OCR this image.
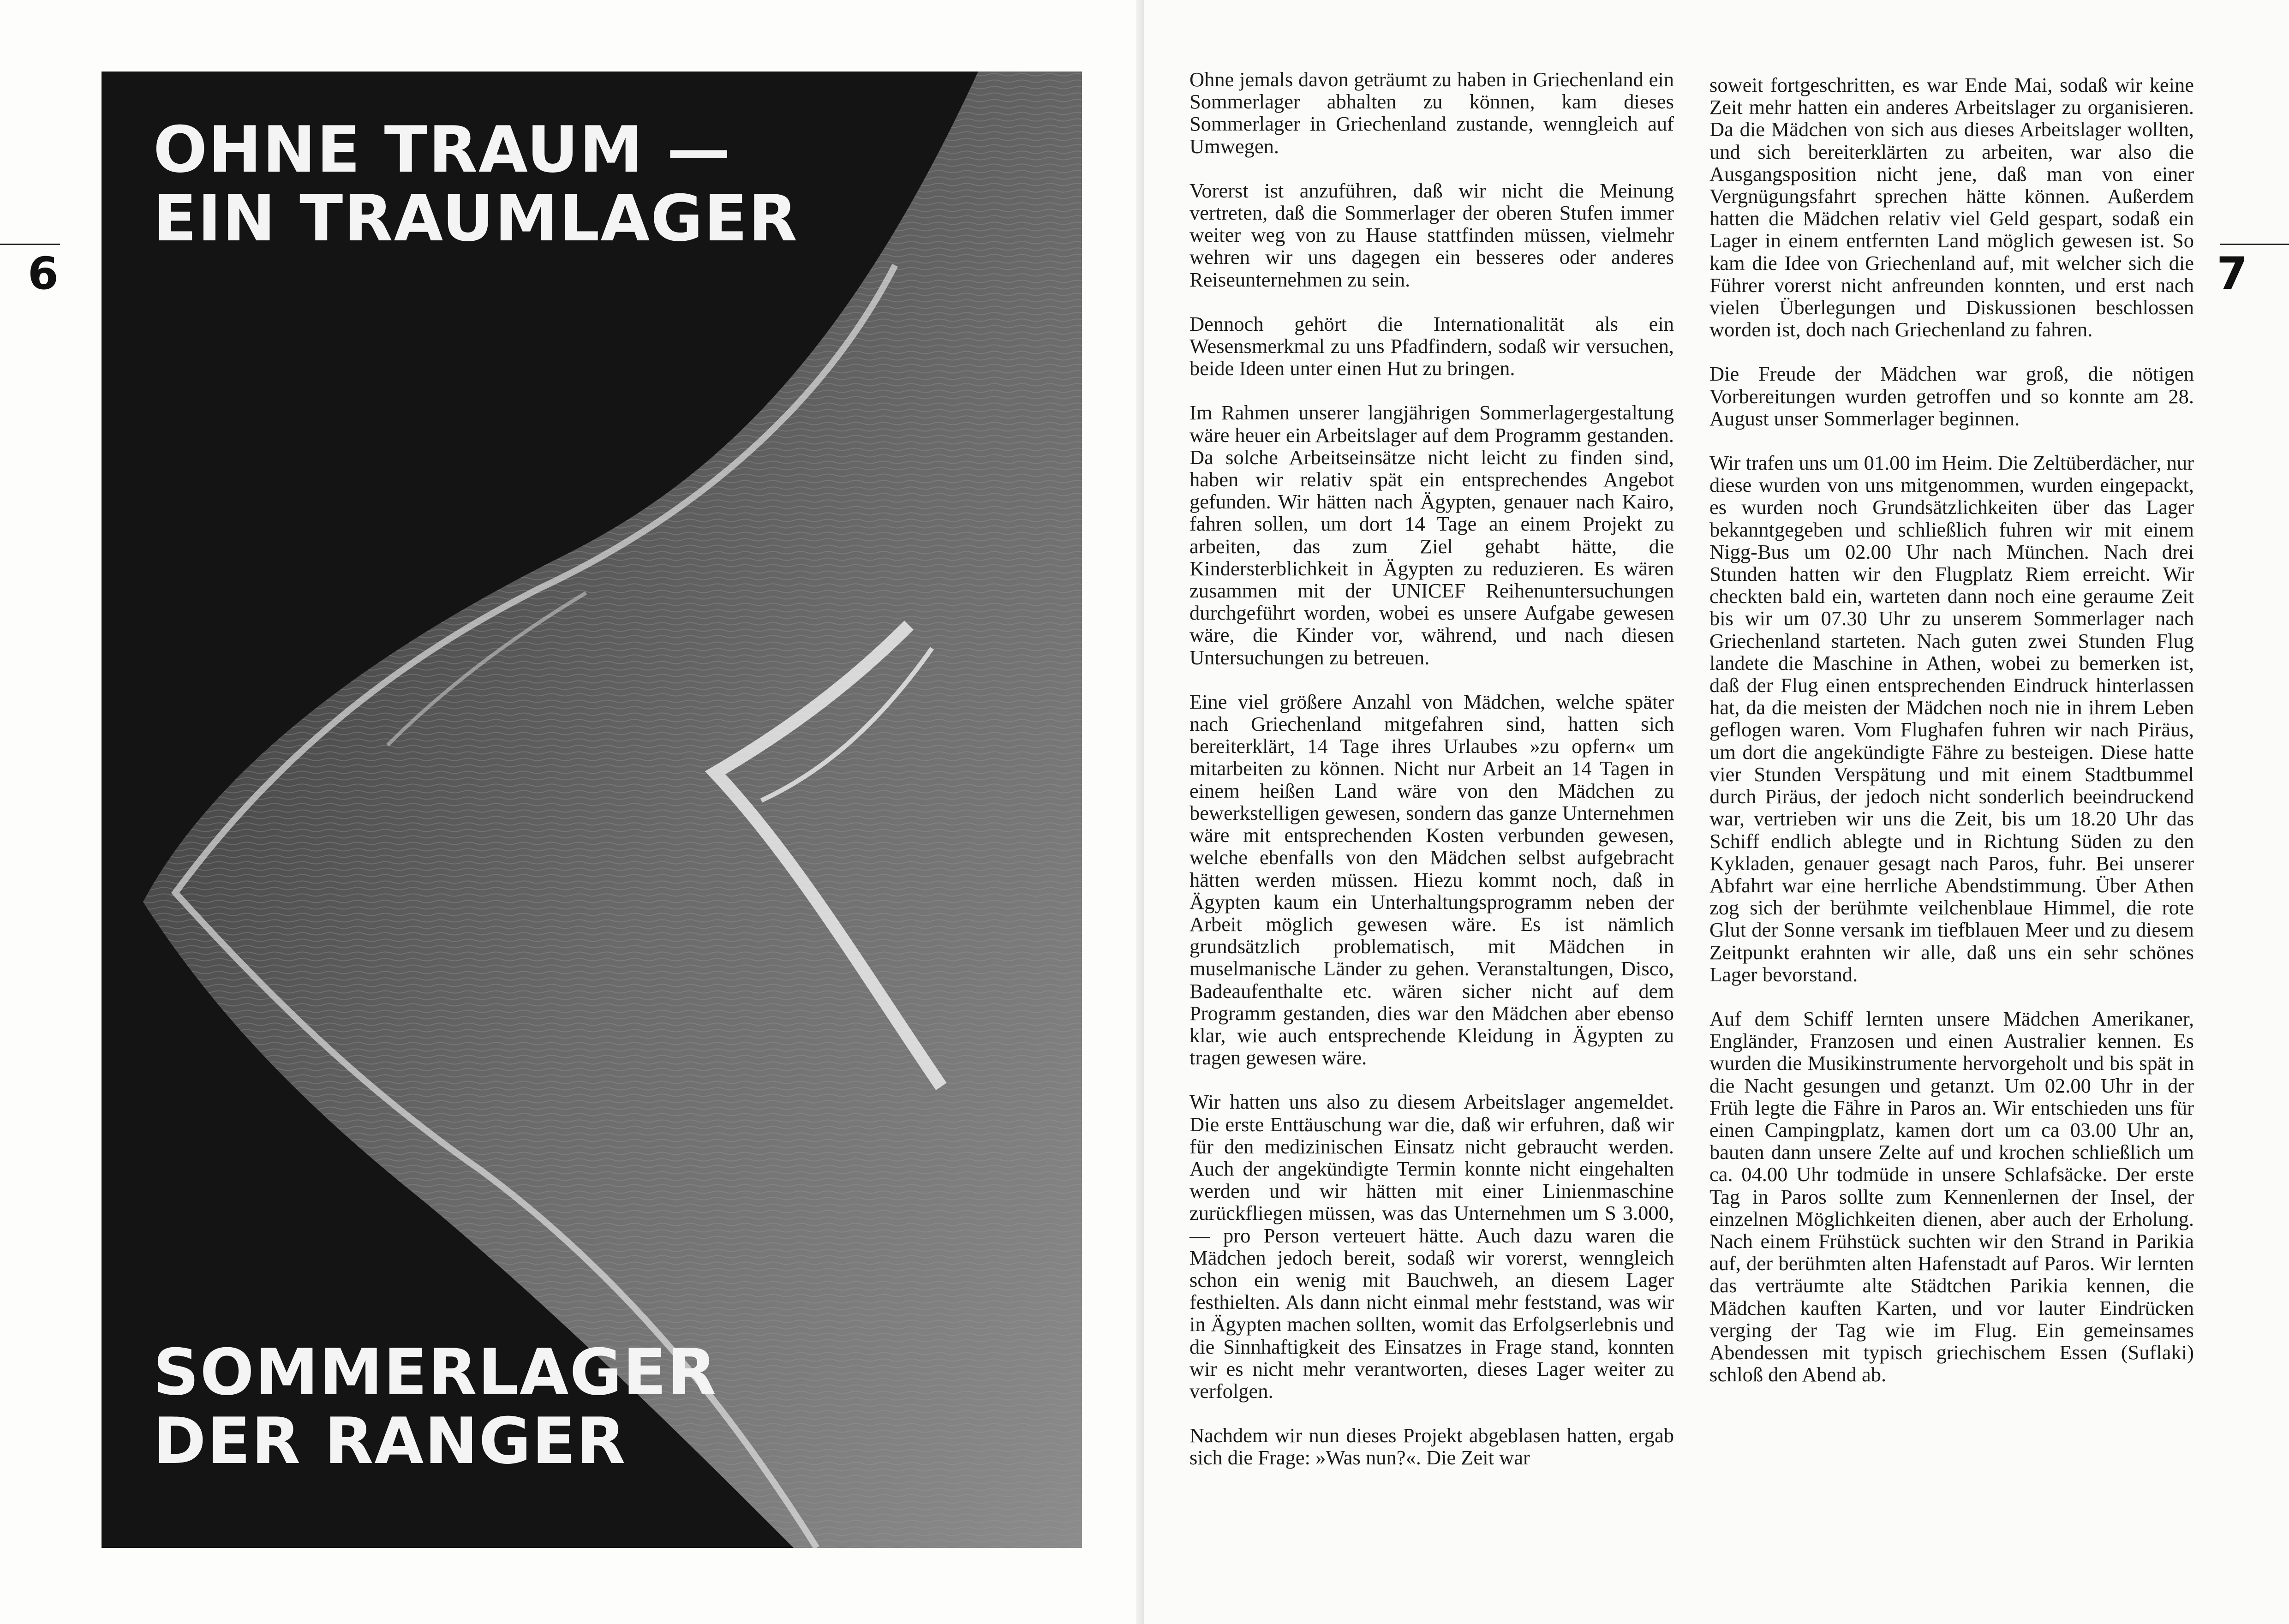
6
OHNE TRAUM —
EIN TRAUMLAGER
SOMMERLAGER
DER RANGER
7

Ohne jemals davon geträumt zu haben in Griechenland ein Sommerlager abhalten zu können, kam dieses Sommerlager in Griechenland zustande, wenngleich auf Umwegen.

Vorerst ist anzuführen, daß wir nicht die Meinung vertreten, daß die Sommerlager der oberen Stufen immer weiter weg von zu Hause stattfinden müssen, vielmehr wehren wir uns dagegen ein besseres oder anderes Reiseunternehmen zu sein.

Dennoch gehört die Internationalität als ein Wesensmerkmal zu uns Pfadfindern, sodaß wir versuchen, beide Ideen unter einen Hut zu bringen.

Im Rahmen unserer langjährigen Sommerlagergestaltung wäre heuer ein Arbeitslager auf dem Programm gestanden. Da solche Arbeitseinsätze nicht leicht zu finden sind, haben wir relativ spät ein entsprechendes Angebot gefunden. Wir hätten nach Ägypten, genauer nach Kairo, fahren sollen, um dort 14 Tage an einem Projekt zu arbeiten, das zum Ziel gehabt hätte, die Kindersterblichkeit in Ägypten zu reduzieren. Es wären zusammen mit der UNICEF Reihenuntersuchungen durchgeführt worden, wobei es unsere Aufgabe gewesen wäre, die Kinder vor, während, und nach diesen Untersuchungen zu betreuen.

Eine viel größere Anzahl von Mädchen, welche später nach Griechenland mitgefahren sind, hatten sich bereiterklärt, 14 Tage ihres Urlaubes »zu opfern« um mitarbeiten zu können. Nicht nur Arbeit an 14 Tagen in einem heißen Land wäre von den Mädchen zu bewerkstelligen gewesen, sondern das ganze Unternehmen wäre mit entsprechenden Kosten verbunden gewesen, welche ebenfalls von den Mädchen selbst aufgebracht hätten werden müssen. Hiezu kommt noch, daß in Ägypten kaum ein Unterhaltungsprogramm neben der Arbeit möglich gewesen wäre. Es ist nämlich grundsätzlich problematisch, mit Mädchen in muselmanische Länder zu gehen. Veranstaltungen, Disco, Badeaufenthalte etc. wären sicher nicht auf dem Programm gestanden, dies war den Mädchen aber ebenso klar, wie auch entsprechende Kleidung in Ägypten zu tragen gewesen wäre.

Wir hatten uns also zu diesem Arbeitslager angemeldet. Die erste Enttäuschung war die, daß wir erfuhren, daß wir für den medizinischen Einsatz nicht gebraucht werden. Auch der angekündigte Termin konnte nicht eingehalten werden und wir hätten mit einer Linienmaschine zurückfliegen müssen, was das Unternehmen um S 3.000,— pro Person verteuert hätte. Auch dazu waren die Mädchen jedoch bereit, sodaß wir vorerst, wenngleich schon ein wenig mit Bauchweh, an diesem Lager festhielten. Als dann nicht einmal mehr feststand, was wir in Ägypten machen sollten, womit das Erfolgserlebnis und die Sinnhaftigkeit des Einsatzes in Frage stand, konnten wir es nicht mehr verantworten, dieses Lager weiter zu verfolgen.

Nachdem wir nun dieses Projekt abgeblasen hatten, ergab sich die Frage: »Was nun?«. Die Zeit war

soweit fortgeschritten, es war Ende Mai, sodaß wir keine Zeit mehr hatten ein anderes Arbeitslager zu organisieren. Da die Mädchen von sich aus dieses Arbeitslager wollten, und sich bereiterklärten zu arbeiten, war also die Ausgangsposition nicht jene, daß man von einer Vergnügungsfahrt sprechen hätte können. Außerdem hatten die Mädchen relativ viel Geld gespart, sodaß ein Lager in einem entfernten Land möglich gewesen ist. So kam die Idee von Griechenland auf, mit welcher sich die Führer vorerst nicht anfreunden konnten, und erst nach vielen Überlegungen und Diskussionen beschlossen worden ist, doch nach Griechenland zu fahren.

Die Freude der Mädchen war groß, die nötigen Vorbereitungen wurden getroffen und so konnte am 28. August unser Sommerlager beginnen.

Wir trafen uns um 01.00 im Heim. Die Zeltüberdächer, nur diese wurden von uns mitgenommen, wurden eingepackt, es wurden noch Grundsätzlichkeiten über das Lager bekanntgegeben und schließlich fuhren wir mit einem Nigg-Bus um 02.00 Uhr nach München. Nach drei Stunden hatten wir den Flugplatz Riem erreicht. Wir checkten bald ein, warteten dann noch eine geraume Zeit bis wir um 07.30 Uhr zu unserem Sommerlager nach Griechenland starteten. Nach guten zwei Stunden Flug landete die Maschine in Athen, wobei zu bemerken ist, daß der Flug einen entsprechenden Eindruck hinterlassen hat, da die meisten der Mädchen noch nie in ihrem Leben geflogen waren. Vom Flughafen fuhren wir nach Piräus, um dort die angekündigte Fähre zu besteigen. Diese hatte vier Stunden Verspätung und mit einem Stadtbummel durch Piräus, der jedoch nicht sonderlich beeindruckend war, vertrieben wir uns die Zeit, bis um 18.20 Uhr das Schiff endlich ablegte und in Richtung Süden zu den Kykladen, genauer gesagt nach Paros, fuhr. Bei unserer Abfahrt war eine herrliche Abendstimmung. Über Athen zog sich der berühmte veilchenblaue Himmel, die rote Glut der Sonne versank im tiefblauen Meer und zu diesem Zeitpunkt erahnten wir alle, daß uns ein sehr schönes Lager bevorstand.

Auf dem Schiff lernten unsere Mädchen Amerikaner, Engländer, Franzosen und einen Australier kennen. Es wurden die Musikinstrumente hervorgeholt und bis spät in die Nacht gesungen und getanzt. Um 02.00 Uhr in der Früh legte die Fähre in Paros an. Wir entschieden uns für einen Campingplatz, kamen dort um ca 03.00 Uhr an, bauten dann unsere Zelte auf und krochen schließlich um ca. 04.00 Uhr todmüde in unsere Schlafsäcke. Der erste Tag in Paros sollte zum Kennenlernen der Insel, der einzelnen Möglichkeiten dienen, aber auch der Erholung. Nach einem Frühstück suchten wir den Strand in Parikia auf, der berühmten alten Hafenstadt auf Paros. Wir lernten das verträumte alte Städtchen Parikia kennen, die Mädchen kauften Karten, und vor lauter Eindrücken verging der Tag wie im Flug. Ein gemeinsames Abendessen mit typisch griechischem Essen (Suflaki) schloß den Abend ab.
